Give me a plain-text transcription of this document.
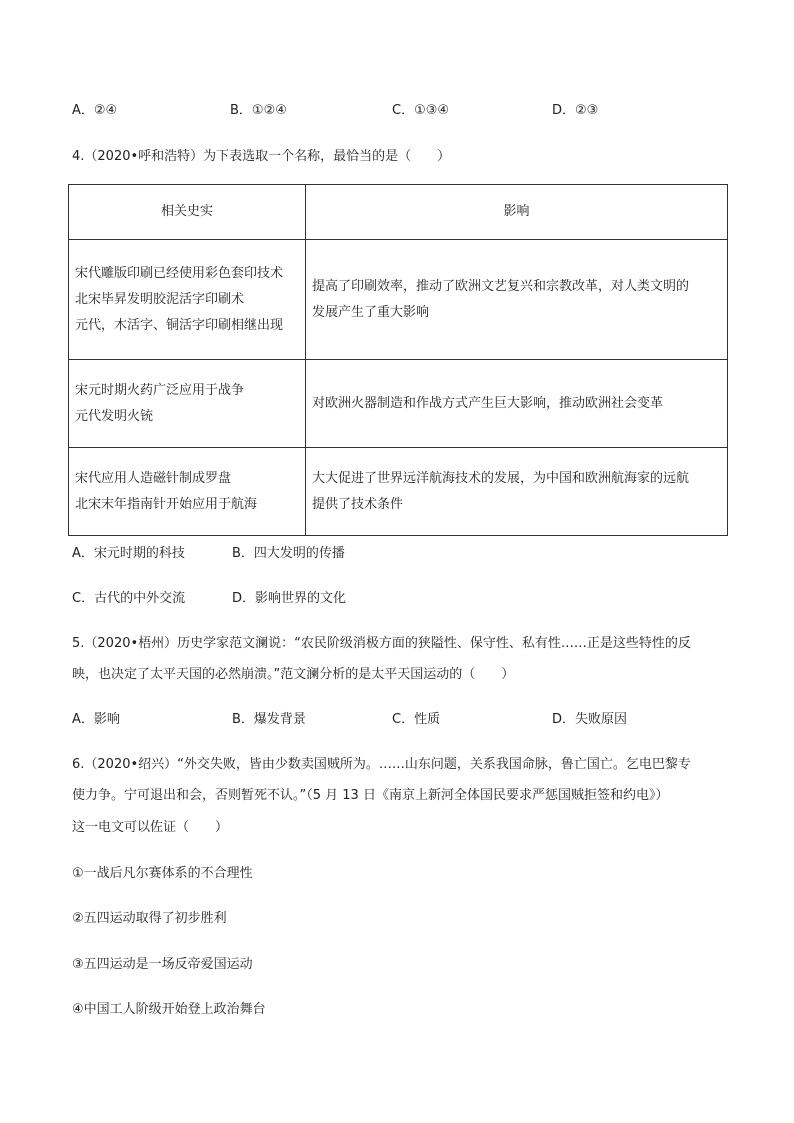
A．②④	B．①②④	C．①③④	D．②③
4.（2020•呼和浩特）为下表选取一个名称，最恰当的是（　　）
相关史实	影响

宋代雕版印刷已经使用彩色套印技术
北宋毕昇发明胶泥活字印刷术
元代，木活字、铜活字印刷相继出现	提高了印刷效率，推动了欧洲文艺复兴和宗教改革，对人类文明的
发展产生了重大影响

宋元时期火药广泛应用于战争
元代发明火铳	对欧洲火器制造和作战方式产生巨大影响，推动欧洲社会变革

宋代应用人造磁针制成罗盘
北宋末年指南针开始应用于航海	大大促进了世界远洋航海技术的发展，为中国和欧洲航海家的远航
提供了技术条件
A．宋元时期的科技	B．四大发明的传播
C．古代的中外交流	D．影响世界的文化
5.（2020•梧州）历史学家范文澜说：“农民阶级消极方面的狭隘性、保守性、私有性……正是这些特性的反
映，也决定了太平天国的必然崩溃。”范文澜分析的是太平天国运动的（　　）
A．影响	B．爆发背景	C．性质	D．失败原因
6.（2020•绍兴）“外交失败，皆由少数卖国贼所为。……山东问题，关系我国命脉，鲁亡国亡。乞电巴黎专
使力争。宁可退出和会，否则暂死不认。”（5 月 13 日《南京上新河全体国民要求严惩国贼拒签和约电》）
这一电文可以佐证（　　）
①一战后凡尔赛体系的不合理性
②五四运动取得了初步胜利
③五四运动是一场反帝爱国运动
④中国工人阶级开始登上政治舞台
